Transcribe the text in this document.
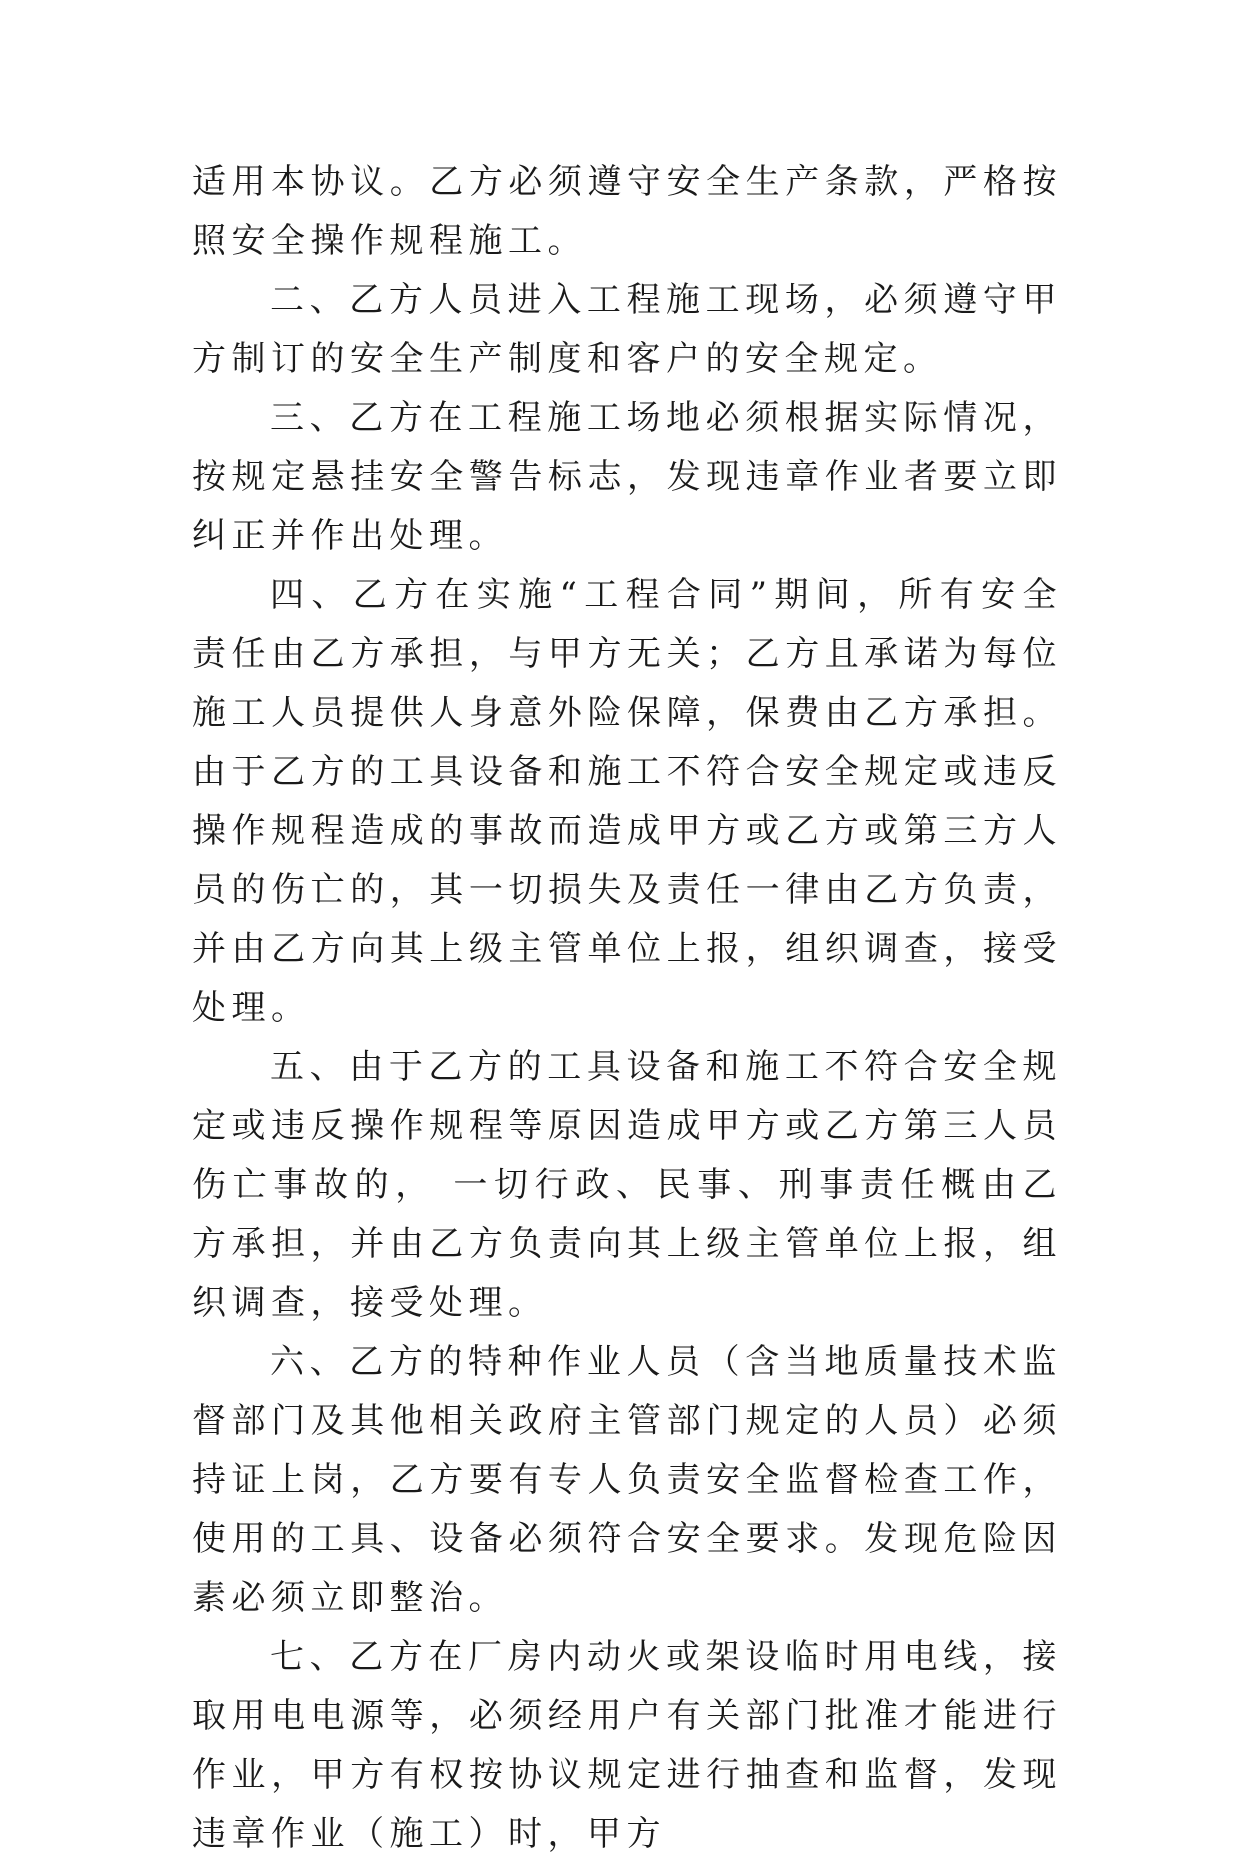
适用本协议。乙方必须遵守安全生产条款，严格按照安全操作规程施工。

二、乙方人员进入工程施工现场，必须遵守甲方制订的安全生产制度和客户的安全规定。

三、乙方在工程施工场地必须根据实际情况，按规定悬挂安全警告标志，发现违章作业者要立即纠正并作出处理。

四、乙方在实施“工程合同”期间，所有安全责任由乙方承担，与甲方无关；乙方且承诺为每位施工人员提供人身意外险保障，保费由乙方承担。由于乙方的工具设备和施工不符合安全规定或违反操作规程造成的事故而造成甲方或乙方或第三方人员的伤亡的，其一切损失及责任一律由乙方负责，并由乙方向其上级主管单位上报，组织调查，接受处理。

五、由于乙方的工具设备和施工不符合安全规定或违反操作规程等原因造成甲方或乙方第三人员伤亡事故的， 一切行政、民事、刑事责任概由乙方承担，并由乙方负责向其上级主管单位上报，组织调查，接受处理。

六、乙方的特种作业人员（含当地质量技术监督部门及其他相关政府主管部门规定的人员）必须持证上岗，乙方要有专人负责安全监督检查工作，使用的工具、设备必须符合安全要求。发现危险因素必须立即整治。

七、乙方在厂房内动火或架设临时用电线，接取用电电源等，必须经用户有关部门批准才能进行作业，甲方有权按协议规定进行抽查和监督，发现违章作业（施工）时，甲方
